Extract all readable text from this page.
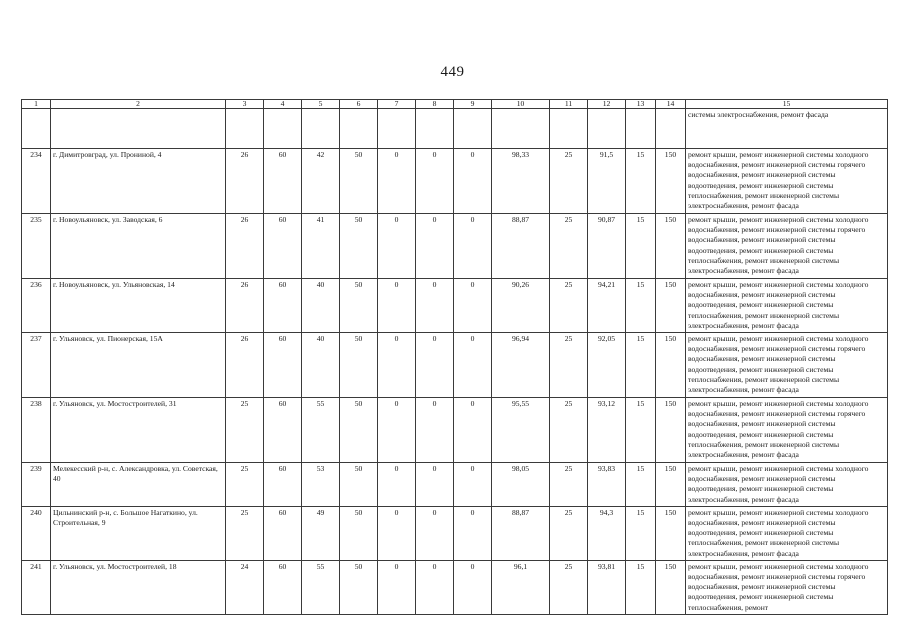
449
1	2	3	4	5	6	7	8	9	10	11	12	13	14	15
														системы электроснабжения, ремонт фасада
234	г. Димитровград, ул. Прониной, 4	26	60	42	50	0	0	0	98,33	25	91,5	15	150	ремонт крыши, ремонт инженерной системы холодного водоснабжения, ремонт инженерной системы горячего водоснабжения, ремонт инженерной системы водоотведения, ремонт инженерной системы теплоснабжения, ремонт инженерной системы электроснабжения, ремонт фасада
235	г. Новоульяновск, ул. Заводская, 6	26	60	41	50	0	0	0	88,87	25	90,87	15	150	ремонт крыши, ремонт инженерной системы холодного водоснабжения, ремонт инженерной системы горячего водоснабжения, ремонт инженерной системы водоотведения, ремонт инженерной системы теплоснабжения, ремонт инженерной системы электроснабжения, ремонт фасада
236	г. Новоульяновск, ул. Ульяновская, 14	26	60	40	50	0	0	0	90,26	25	94,21	15	150	ремонт крыши, ремонт инженерной системы холодного водоснабжения, ремонт инженерной системы водоотведения, ремонт инженерной системы теплоснабжения, ремонт инженерной системы электроснабжения, ремонт фасада
237	г. Ульяновск, ул. Пионерская, 15А	26	60	40	50	0	0	0	96,94	25	92,05	15	150	ремонт крыши, ремонт инженерной системы холодного водоснабжения, ремонт инженерной системы горячего водоснабжения, ремонт инженерной системы водоотведения, ремонт инженерной системы теплоснабжения, ремонт инженерной системы электроснабжения, ремонт фасада
238	г. Ульяновск, ул. Мостостроителей, 31	25	60	55	50	0	0	0	95,55	25	93,12	15	150	ремонт крыши, ремонт инженерной системы холодного водоснабжения, ремонт инженерной системы горячего водоснабжения, ремонт инженерной системы водоотведения, ремонт инженерной системы теплоснабжения, ремонт инженерной системы электроснабжения, ремонт фасада
239	Мелекесский р-н, с. Александровка, ул. Советская, 40	25	60	53	50	0	0	0	98,05	25	93,83	15	150	ремонт крыши, ремонт инженерной системы холодного водоснабжения, ремонт инженерной системы водоотведения, ремонт инженерной системы электроснабжения, ремонт фасада
240	Цильнинский р-н, с. Большое Нагаткино, ул. Строительная, 9	25	60	49	50	0	0	0	88,87	25	94,3	15	150	ремонт крыши, ремонт инженерной системы холодного водоснабжения, ремонт инженерной системы водоотведения, ремонт инженерной системы теплоснабжения, ремонт инженерной системы электроснабжения, ремонт фасада
241	г. Ульяновск, ул. Мостостроителей, 18	24	60	55	50	0	0	0	96,1	25	93,81	15	150	ремонт крыши, ремонт инженерной системы холодного водоснабжения, ремонт инженерной системы горячего водоснабжения, ремонт инженерной системы водоотведения, ремонт инженерной системы теплоснабжения, ремонт
